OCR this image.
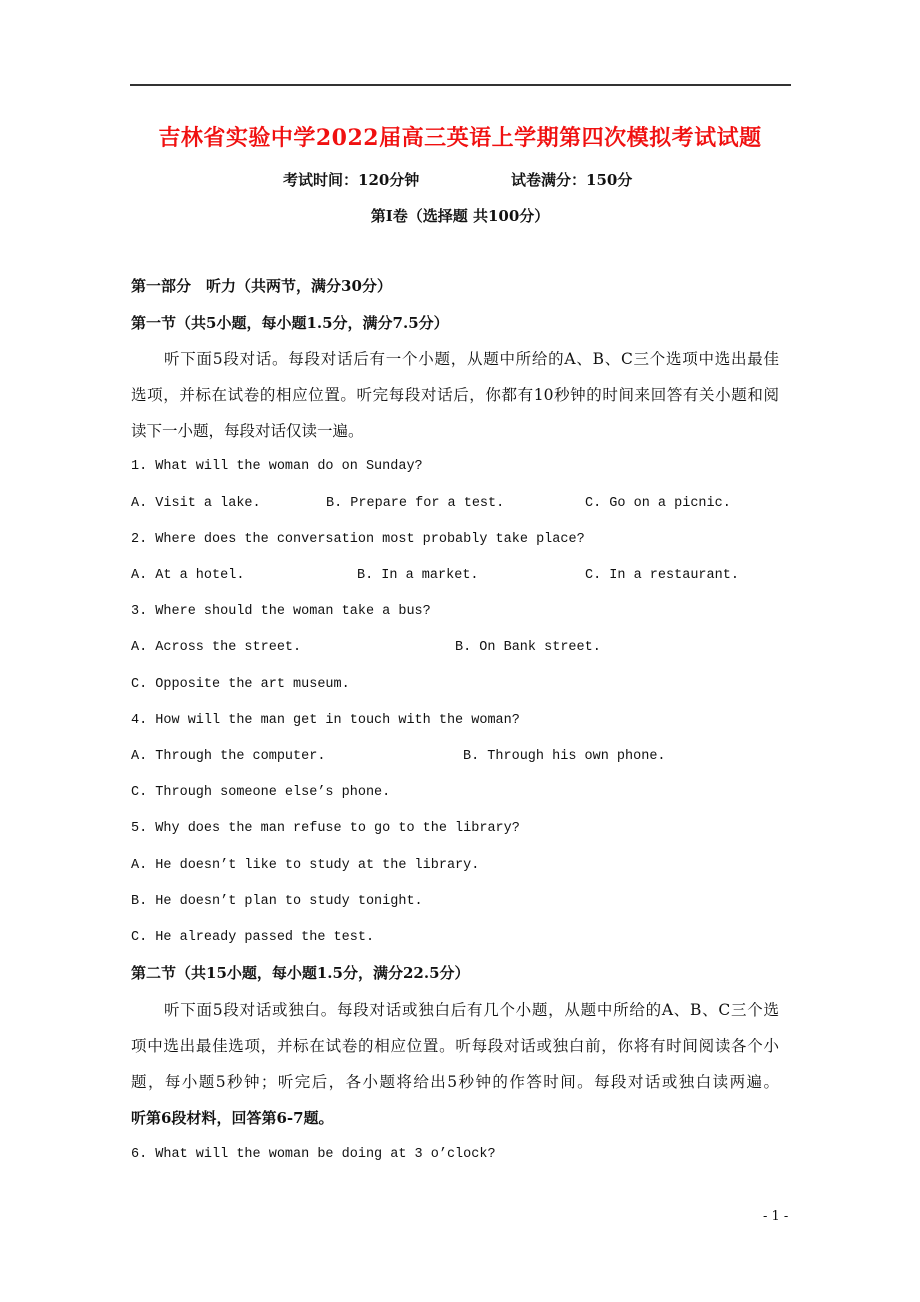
吉林省实验中学2022届高三英语上学期第四次模拟考试试题
考试时间：120分钟	试卷满分：150分
第Ⅰ卷（选择题 共100分）
第一部分　听力（共两节，满分30分）
第一节（共5小题，每小题1.5分，满分7.5分）
听下面5段对话。每段对话后有一个小题，从题中所给的A、B、C三个选项中选出最佳
选项，并标在试卷的相应位置。听完每段对话后，你都有10秒钟的时间来回答有关小题和阅
读下一小题，每段对话仅读一遍。
1. What will the woman do on Sunday?
A. Visit a lake.	B. Prepare for a test.	C. Go on a picnic.
2. Where does the conversation most probably take place?
A. At a hotel.	B. In a market.	C. In a restaurant.
3. Where should the woman take a bus?
A. Across the street.	B. On Bank street.
C. Opposite the art museum.
4. How will the man get in touch with the woman?
A. Through the computer.	B. Through his own phone.
C. Through someone else’s phone.
5. Why does the man refuse to go to the library?
A. He doesn’t like to study at the library.
B. He doesn’t plan to study tonight.
C. He already passed the test.
第二节（共15小题，每小题1.5分，满分22.5分）
听下面5段对话或独白。每段对话或独白后有几个小题，从题中所给的A、B、C三个选
项中选出最佳选项，并标在试卷的相应位置。听每段对话或独白前，你将有时间阅读各个小
题，每小题5秒钟；听完后，各小题将给出5秒钟的作答时间。每段对话或独白读两遍。
听第6段材料，回答第6-7题。
6. What will the woman be doing at 3 o’clock?
- 1 -
